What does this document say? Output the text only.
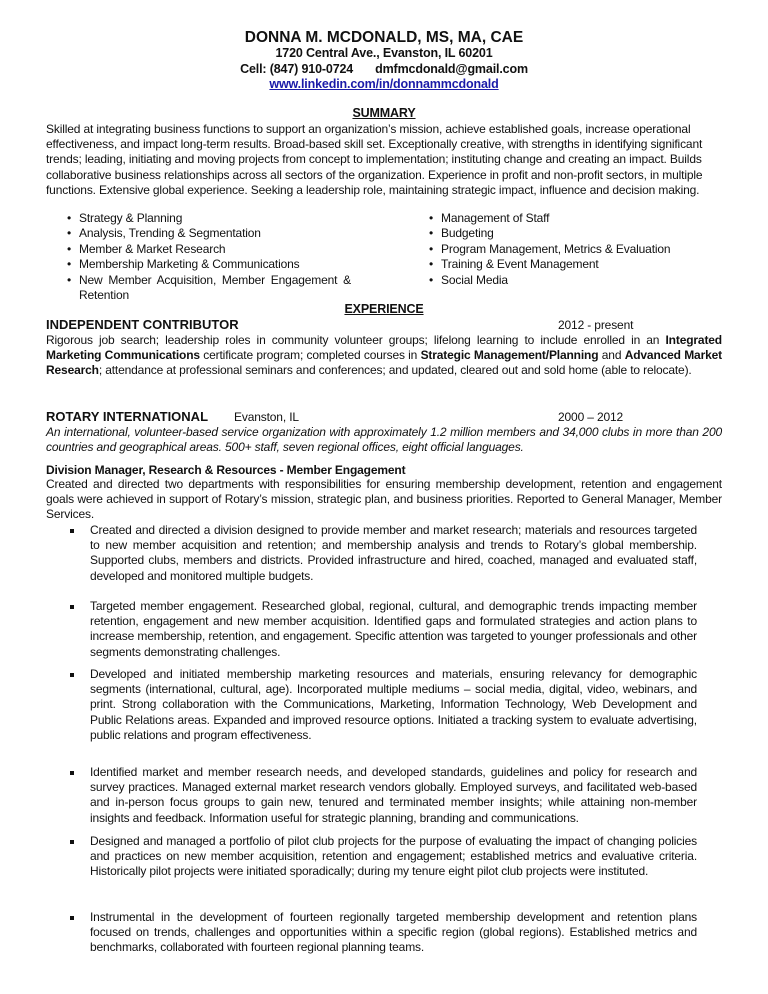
DONNA M. MCDONALD, MS, MA, CAE
1720 Central Ave., Evanston, IL 60201
Cell: (847) 910-0724 dmfmcdonald@gmail.com
www.linkedin.com/in/donnammcdonald
SUMMARY
Skilled at integrating business functions to support an organization’s mission, achieve established goals, increase operational effectiveness, and impact long-term results. Broad-based skill set. Exceptionally creative, with strengths in identifying significant trends; leading, initiating and moving projects from concept to implementation; instituting change and creating an impact. Builds collaborative business relationships across all sectors of the organization. Experience in profit and non-profit sectors, in multiple functions. Extensive global experience. Seeking a leadership role, maintaining strategic impact, influence and decision making.
• Strategy & Planning
• Analysis, Trending & Segmentation
• Member & Market Research
• Membership Marketing & Communications
• New Member Acquisition, Member Engagement & Retention
• Management of Staff
• Budgeting
• Program Management, Metrics & Evaluation
• Training & Event Management
• Social Media
EXPERIENCE
INDEPENDENT CONTRIBUTOR	2012 - present
Rigorous job search; leadership roles in community volunteer groups; lifelong learning to include enrolled in an Integrated Marketing Communications certificate program; completed courses in Strategic Management/Planning and Advanced Market Research; attendance at professional seminars and conferences; and updated, cleared out and sold home (able to relocate).
ROTARY INTERNATIONAL Evanston, IL	2000 – 2012
An international, volunteer-based service organization with approximately 1.2 million members and 34,000 clubs in more than 200 countries and geographical areas. 500+ staff, seven regional offices, eight official languages.
Division Manager, Research & Resources - Member Engagement
Created and directed two departments with responsibilities for ensuring membership development, retention and engagement goals were achieved in support of Rotary’s mission, strategic plan, and business priorities. Reported to General Manager, Member Services.
Created and directed a division designed to provide member and market research; materials and resources targeted to new member acquisition and retention; and membership analysis and trends to Rotary’s global membership. Supported clubs, members and districts. Provided infrastructure and hired, coached, managed and evaluated staff, developed and monitored multiple budgets.
Targeted member engagement. Researched global, regional, cultural, and demographic trends impacting member retention, engagement and new member acquisition. Identified gaps and formulated strategies and action plans to increase membership, retention, and engagement. Specific attention was targeted to younger professionals and other segments demonstrating challenges.
Developed and initiated membership marketing resources and materials, ensuring relevancy for demographic segments (international, cultural, age). Incorporated multiple mediums – social media, digital, video, webinars, and print. Strong collaboration with the Communications, Marketing, Information Technology, Web Development and Public Relations areas. Expanded and improved resource options. Initiated a tracking system to evaluate advertising, public relations and program effectiveness.
Identified market and member research needs, and developed standards, guidelines and policy for research and survey practices. Managed external market research vendors globally. Employed surveys, and facilitated web-based and in-person focus groups to gain new, tenured and terminated member insights; while attaining non-member insights and feedback. Information useful for strategic planning, branding and communications.
Designed and managed a portfolio of pilot club projects for the purpose of evaluating the impact of changing policies and practices on new member acquisition, retention and engagement; established metrics and evaluative criteria. Historically pilot projects were initiated sporadically; during my tenure eight pilot club projects were instituted.
Instrumental in the development of fourteen regionally targeted membership development and retention plans focused on trends, challenges and opportunities within a specific region (global regions). Established metrics and benchmarks, collaborated with fourteen regional planning teams.
